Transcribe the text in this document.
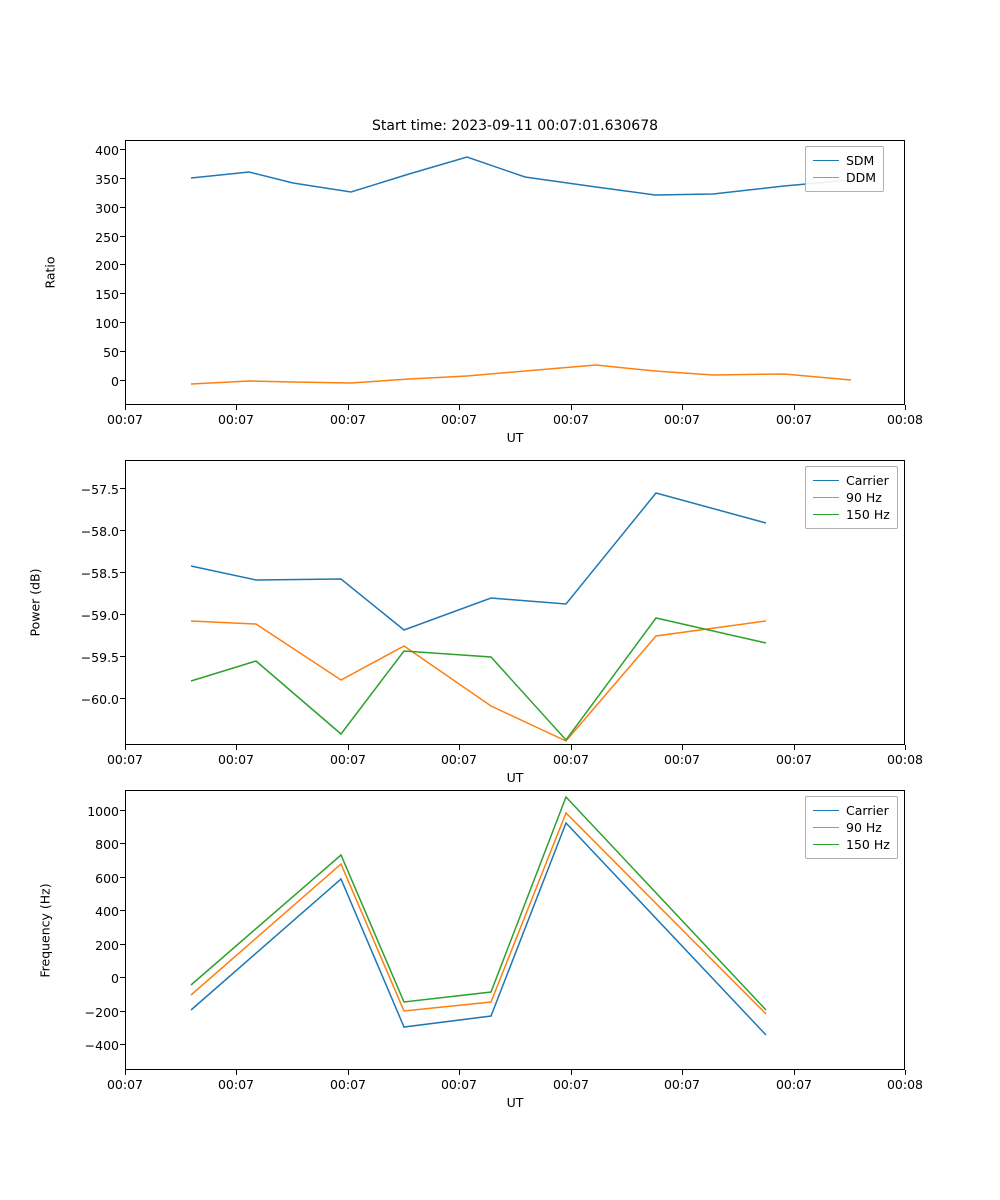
Start time: 2023-09-11 00:07:01.630678
400
350
300
250
200
150
100
50
0
00:07	00:07	00:07	00:07	00:07	00:07	00:07	00:08
UT
Ratio
SDM
DDM
−57.5
−58.0
−58.5
−59.0
−59.5
−60.0
00:07	00:07	00:07	00:07	00:07	00:07	00:07	00:08
UT
Power (dB)
Carrier
90 Hz
150 Hz
1000
800
600
400
200
0
−200
−400
00:07	00:07	00:07	00:07	00:07	00:07	00:07	00:08
UT
Frequency (Hz)
Carrier
90 Hz
150 Hz
